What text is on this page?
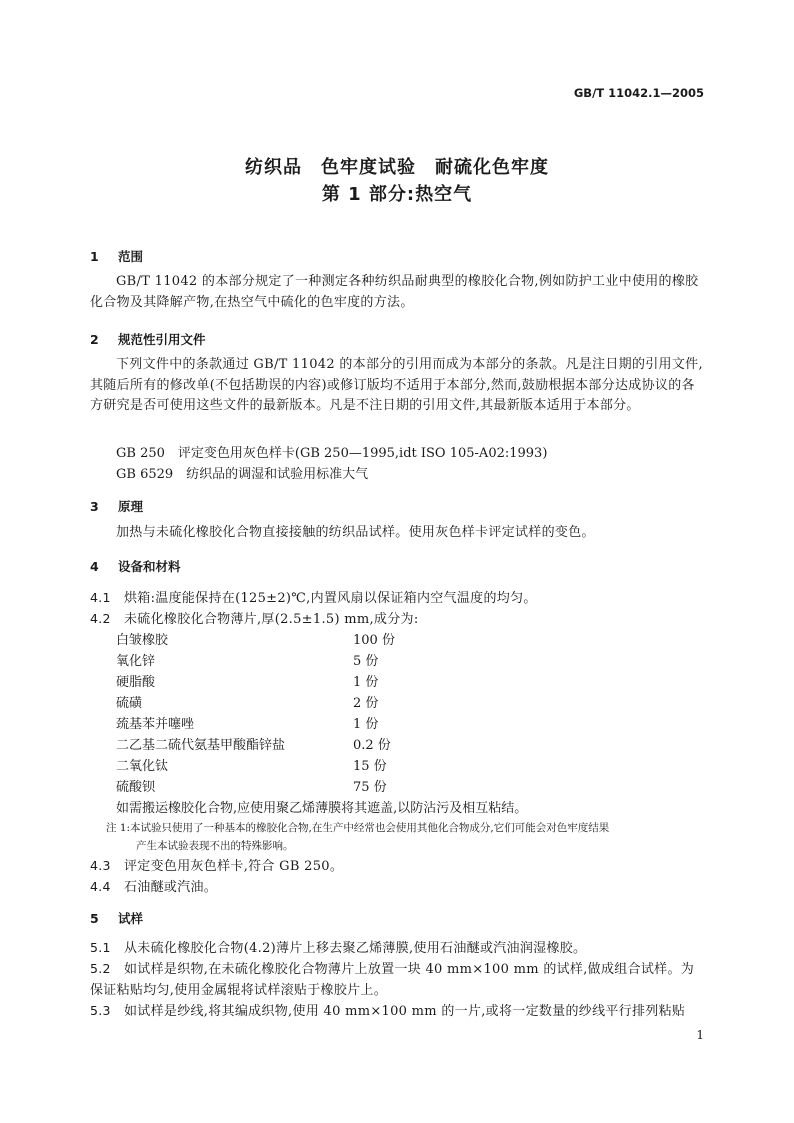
GB/T 11042.1—2005
纺织品　色牢度试验　耐硫化色牢度
第 1 部分:热空气
1 范围
GB/T 11042 的本部分规定了一种测定各种纺织品耐典型的橡胶化合物,例如防护工业中使用的橡胶化合物及其降解产物,在热空气中硫化的色牢度的方法。
2 规范性引用文件
下列文件中的条款通过 GB/T 11042 的本部分的引用而成为本部分的条款。凡是注日期的引用文件,其随后所有的修改单(不包括勘误的内容)或修订版均不适用于本部分,然而,鼓励根据本部分达成协议的各方研究是否可使用这些文件的最新版本。凡是不注日期的引用文件,其最新版本适用于本部分。
GB 250　评定变色用灰色样卡(GB 250—1995,idt ISO 105-A02:1993)
GB 6529　纺织品的调湿和试验用标准大气
3 原理
加热与未硫化橡胶化合物直接接触的纺织品试样。使用灰色样卡评定试样的变色。
4 设备和材料
4.1 烘箱:温度能保持在(125±2)℃,内置风扇以保证箱内空气温度的均匀。
4.2 未硫化橡胶化合物薄片,厚(2.5±1.5) mm,成分为:
白皱橡胶	100 份
氧化锌	5 份
硬脂酸	1 份
硫磺	2 份
巯基苯并噻唑	1 份
二乙基二硫代氨基甲酸酯锌盐	0.2 份
二氧化钛	15 份
硫酸钡	75 份
如需搬运橡胶化合物,应使用聚乙烯薄膜将其遮盖,以防沾污及相互粘结。
注 1:本试验只使用了一种基本的橡胶化合物,在生产中经常也会使用其他化合物成分,它们可能会对色牢度结果
产生本试验表现不出的特殊影响。
4.3 评定变色用灰色样卡,符合 GB 250。
4.4 石油醚或汽油。
5 试样
5.1 从未硫化橡胶化合物(4.2)薄片上移去聚乙烯薄膜,使用石油醚或汽油润湿橡胶。
5.2 如试样是织物,在未硫化橡胶化合物薄片上放置一块 40 mm×100 mm 的试样,做成组合试样。为保证粘贴均匀,使用金属辊将试样滚贴于橡胶片上。
5.3 如试样是纱线,将其编成织物,使用 40 mm×100 mm 的一片,或将一定数量的纱线平行排列粘贴
1
